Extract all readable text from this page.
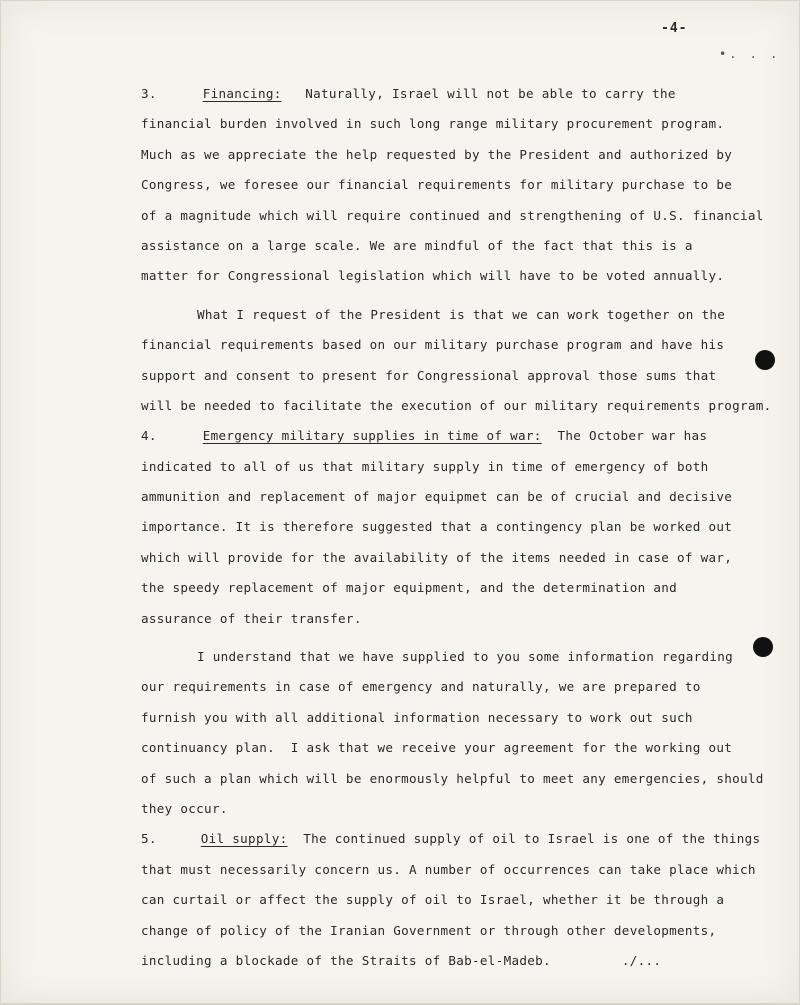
-4-
•. . .
3.	Financing: Naturally, Israel will not be able to carry the
financial burden involved in such long range military procurement program.
Much as we appreciate the help requested by the President and authorized by
Congress, we foresee our financial requirements for military purchase to be
of a magnitude which will require continued and strengthening of U.S. financial
assistance on a large scale. We are mindful of the fact that this is a
matter for Congressional legislation which will have to be voted annually.
What I request of the President is that we can work together on the
financial requirements based on our military purchase program and have his
support and consent to present for Congressional approval those sums that
will be needed to facilitate the execution of our military requirements program.
4.	Emergency military supplies in time of war: The October war has
indicated to all of us that military supply in time of emergency of both
ammunition and replacement of major equipmet can be of crucial and decisive
importance. It is therefore suggested that a contingency plan be worked out
which will provide for the availability of the items needed in case of war,
the speedy replacement of major equipment, and the determination and
assurance of their transfer.
I understand that we have supplied to you some information regarding
our requirements in case of emergency and naturally, we are prepared to
furnish you with all additional information necessary to work out such
continuancy plan.  I ask that we receive your agreement for the working out
of such a plan which will be enormously helpful to meet any emergencies, should
they occur.
5.	Oil supply: The continued supply of oil to Israel is one of the things
that must necessarily concern us. A number of occurrences can take place which
can curtail or affect the supply of oil to Israel, whether it be through a
change of policy of the Iranian Government or through other developments,
including a blockade of the Straits of Bab-el-Madeb.	./...
